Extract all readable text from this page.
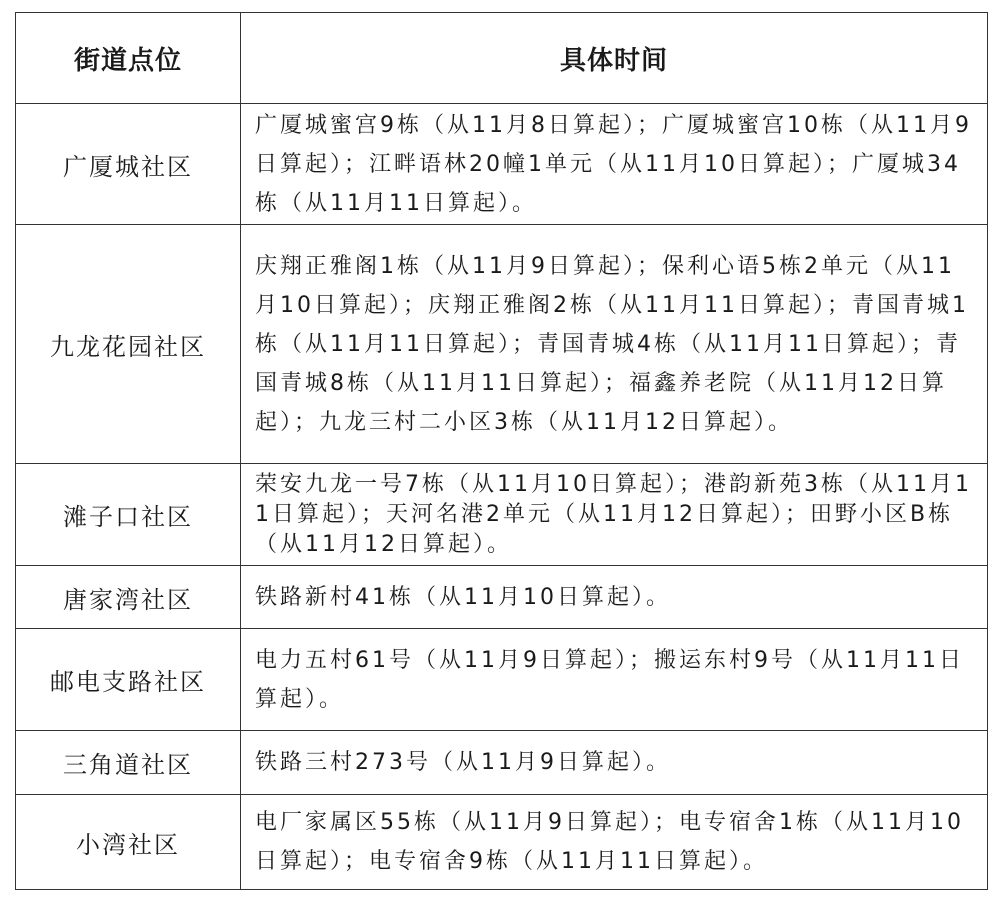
街道点位	具体时间
广厦城社区	广厦城蜜宫9栋（从11月8日算起）；广厦城蜜宫10栋（从11月9日算起）；江畔语林20幢1单元（从11月10日算起）；广厦城34栋（从11月11日算起）。
九龙花园社区	庆翔正雅阁1栋（从11月9日算起）；保利心语5栋2单元（从11月10日算起）；庆翔正雅阁2栋（从11月11日算起）；青国青城1栋（从11月11日算起）；青国青城4栋（从11月11日算起）；青国青城8栋（从11月11日算起）；福鑫养老院（从11月12日算起）；九龙三村二小区3栋（从11月12日算起）。
滩子口社区	荣安九龙一号7栋（从11月10日算起）；港韵新苑3栋（从11月11日算起）；天河名港2单元（从11月12日算起）；田野小区B栋（从11月12日算起）。
唐家湾社区	铁路新村41栋（从11月10日算起）。
邮电支路社区	电力五村61号（从11月9日算起）；搬运东村9号（从11月11日算起）。
三角道社区	铁路三村273号（从11月9日算起）。
小湾社区	电厂家属区55栋（从11月9日算起）；电专宿舍1栋（从11月10日算起）；电专宿舍9栋（从11月11日算起）。
